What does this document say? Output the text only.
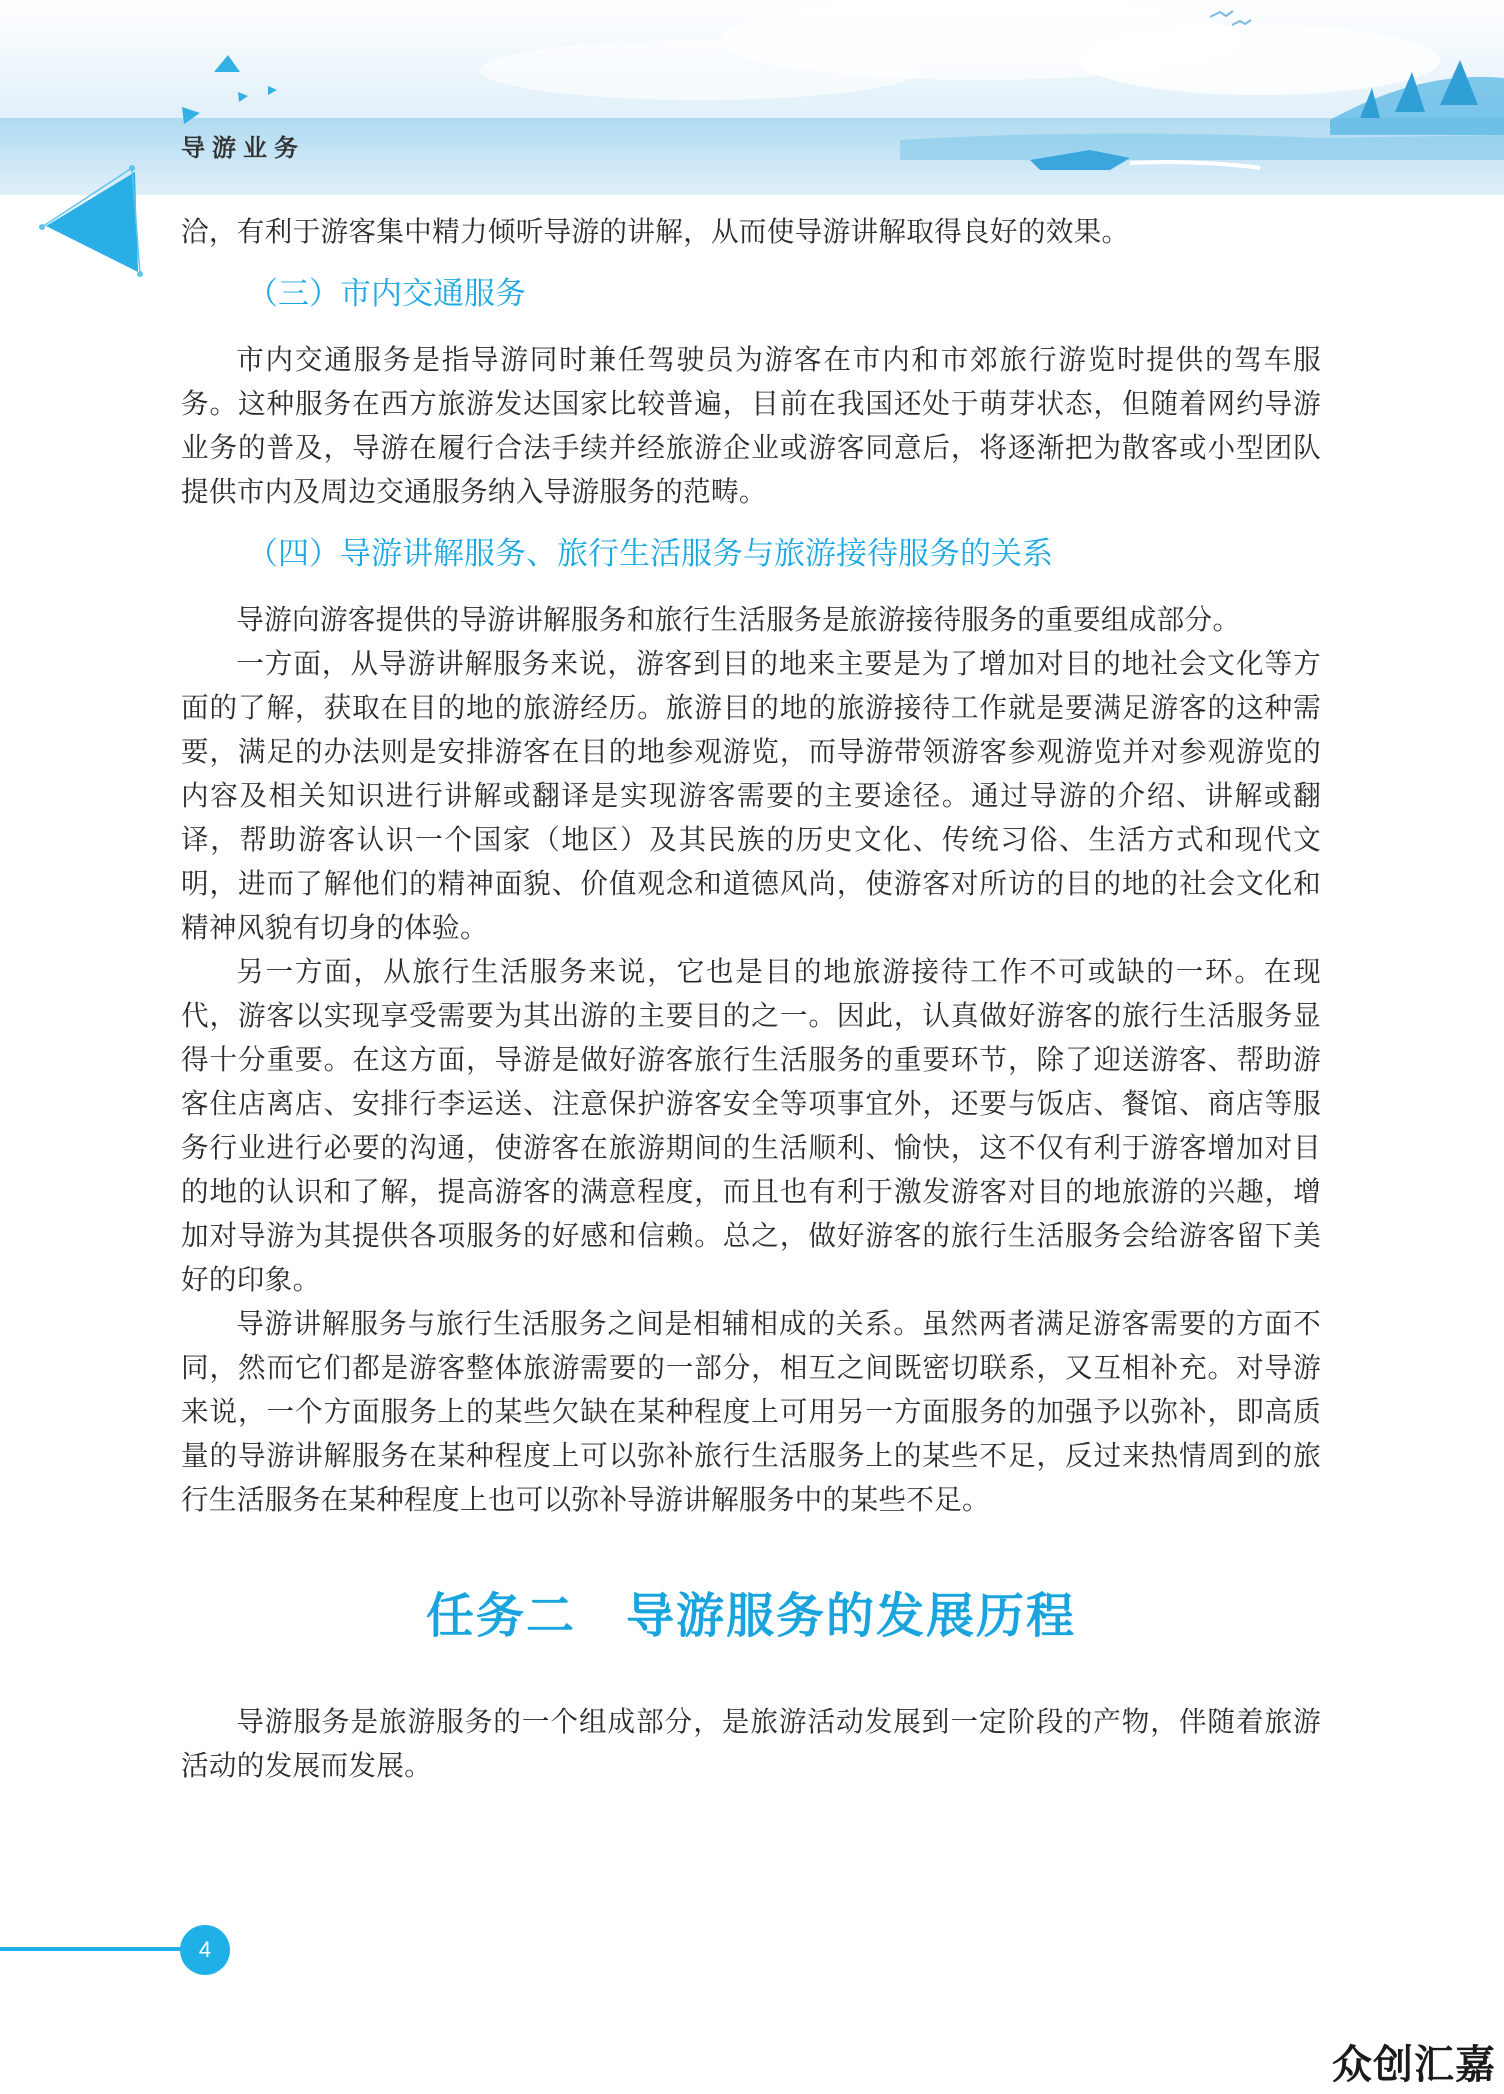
导游业务

洽，有利于游客集中精力倾听导游的讲解，从而使导游讲解取得良好的效果。

（三）市内交通服务

市内交通服务是指导游同时兼任驾驶员为游客在市内和市郊旅行游览时提供的驾车服务。这种服务在西方旅游发达国家比较普遍，目前在我国还处于萌芽状态，但随着网约导游业务的普及，导游在履行合法手续并经旅游企业或游客同意后，将逐渐把为散客或小型团队提供市内及周边交通服务纳入导游服务的范畴。

（四）导游讲解服务、旅行生活服务与旅游接待服务的关系

导游向游客提供的导游讲解服务和旅行生活服务是旅游接待服务的重要组成部分。

一方面，从导游讲解服务来说，游客到目的地来主要是为了增加对目的地社会文化等方面的了解，获取在目的地的旅游经历。旅游目的地的旅游接待工作就是要满足游客的这种需要，满足的办法则是安排游客在目的地参观游览，而导游带领游客参观游览并对参观游览的内容及相关知识进行讲解或翻译是实现游客需要的主要途径。通过导游的介绍、讲解或翻译，帮助游客认识一个国家（地区）及其民族的历史文化、传统习俗、生活方式和现代文明，进而了解他们的精神面貌、价值观念和道德风尚，使游客对所访的目的地的社会文化和精神风貌有切身的体验。

另一方面，从旅行生活服务来说，它也是目的地旅游接待工作不可或缺的一环。在现代，游客以实现享受需要为其出游的主要目的之一。因此，认真做好游客的旅行生活服务显得十分重要。在这方面，导游是做好游客旅行生活服务的重要环节，除了迎送游客、帮助游客住店离店、安排行李运送、注意保护游客安全等项事宜外，还要与饭店、餐馆、商店等服务行业进行必要的沟通，使游客在旅游期间的生活顺利、愉快，这不仅有利于游客增加对目的地的认识和了解，提高游客的满意程度，而且也有利于激发游客对目的地旅游的兴趣，增加对导游为其提供各项服务的好感和信赖。总之，做好游客的旅行生活服务会给游客留下美好的印象。

导游讲解服务与旅行生活服务之间是相辅相成的关系。虽然两者满足游客需要的方面不同，然而它们都是游客整体旅游需要的一部分，相互之间既密切联系，又互相补充。对导游来说，一个方面服务上的某些欠缺在某种程度上可用另一方面服务的加强予以弥补，即高质量的导游讲解服务在某种程度上可以弥补旅行生活服务上的某些不足，反过来热情周到的旅行生活服务在某种程度上也可以弥补导游讲解服务中的某些不足。

任务二 导游服务的发展历程

导游服务是旅游服务的一个组成部分，是旅游活动发展到一定阶段的产物，伴随着旅游活动的发展而发展。

4
众创汇嘉
